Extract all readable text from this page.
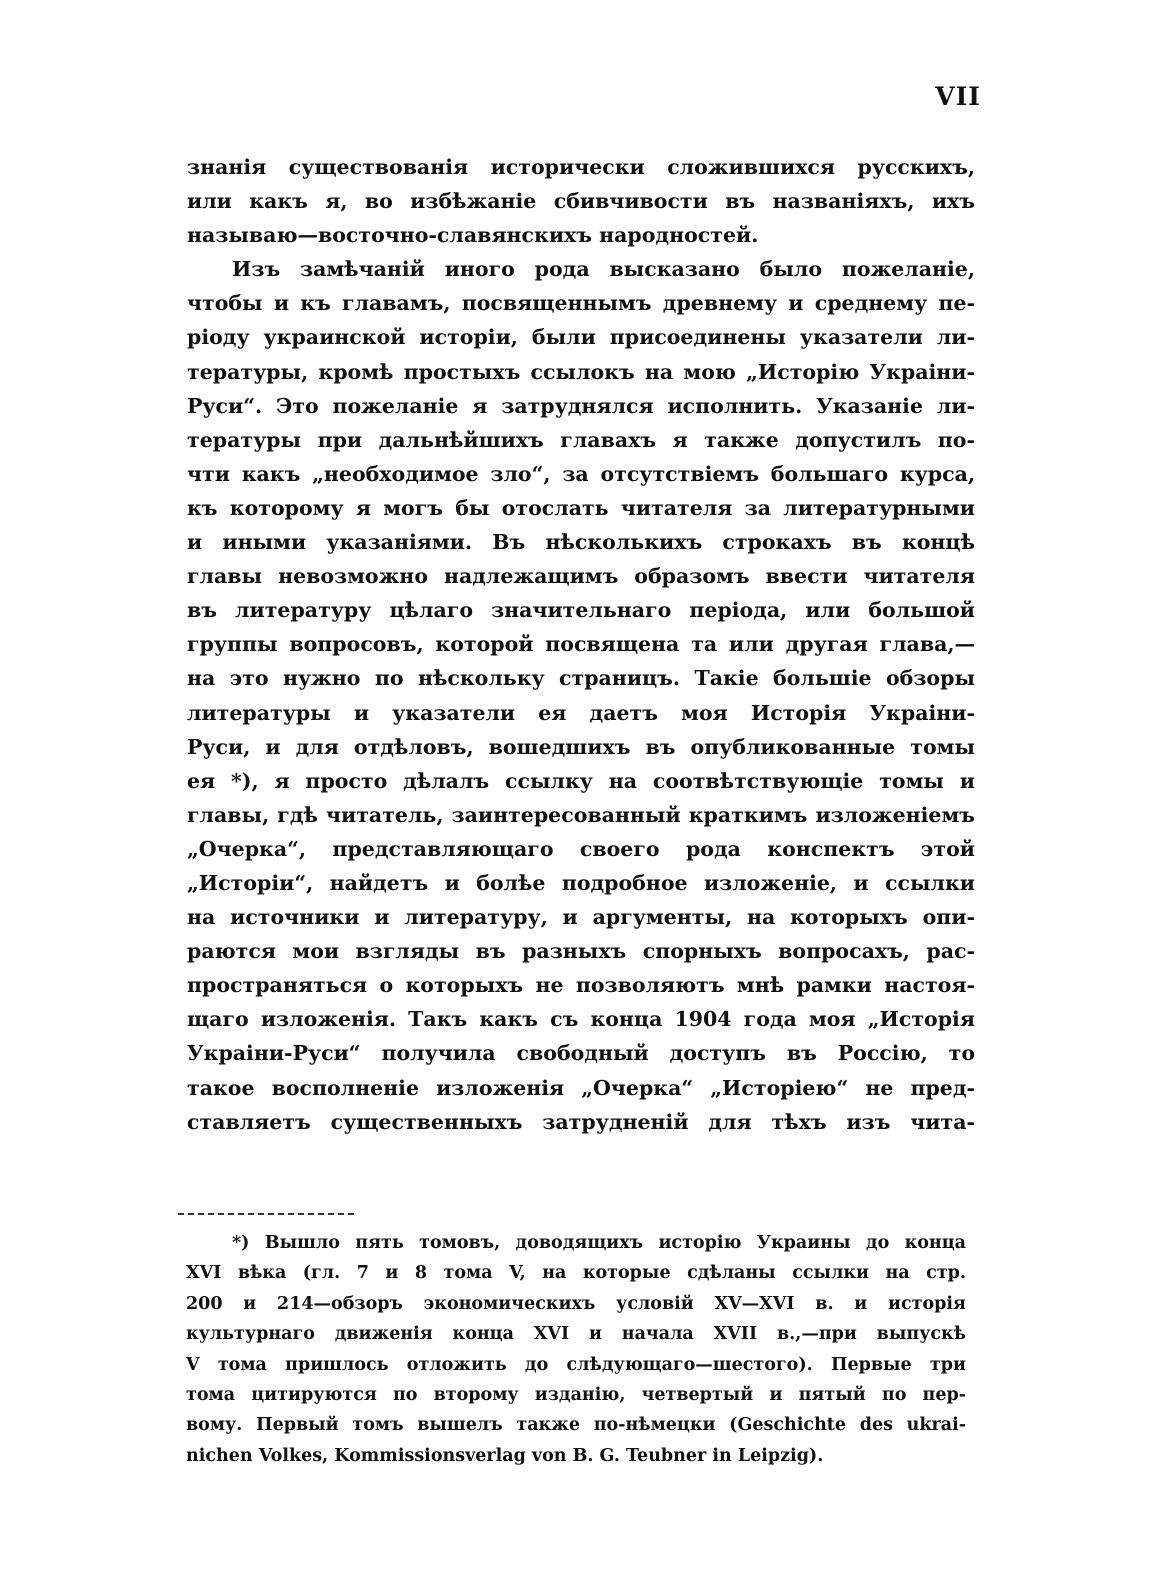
VII
знанія существованія исторически сложившихся русскихъ,
или какъ я, во избѣжаніе сбивчивости въ названіяхъ, ихъ
называю—восточно-славянскихъ народностей.
Изъ замѣчаній иного рода высказано было пожеланіе,
чтобы и къ главамъ, посвященнымъ древнему и среднему пе-
ріоду украинской исторіи, были присоединены указатели ли-
тературы, кромѣ простыхъ ссылокъ на мою „Исторію Украіни-
Руси“. Это пожеланіе я затруднялся исполнить. Указаніе ли-
тературы при дальнѣйшихъ главахъ я также допустилъ по-
чти какъ „необходимое зло“, за отсутствіемъ большаго курса,
къ которому я могъ бы отослать читателя за литературными
и иными указаніями. Въ нѣсколькихъ строкахъ въ концѣ
главы невозможно надлежащимъ образомъ ввести читателя
въ литературу цѣлаго значительнаго періода, или большой
группы вопросовъ, которой посвящена та или другая глава,—
на это нужно по нѣскольку страницъ. Такіе большіе обзоры
литературы и указатели ея даетъ моя Исторія Украіни-
Руси, и для отдѣловъ, вошедшихъ въ опубликованные томы
ея *), я просто дѣлалъ ссылку на соотвѣтствующіе томы и
главы, гдѣ читатель, заинтересованный краткимъ изложеніемъ
„Очерка“, представляющаго своего рода конспектъ этой
„Исторіи“, найдетъ и болѣе подробное изложеніе, и ссылки
на источники и литературу, и аргументы, на которыхъ опи-
раются мои взгляды въ разныхъ спорныхъ вопросахъ, рас-
пространяться о которыхъ не позволяютъ мнѣ рамки настоя-
щаго изложенія. Такъ какъ съ конца 1904 года моя „Исторія
Украіни-Руси“ получила свободный доступъ въ Россію, то
такое восполненіе изложенія „Очерка“ „Исторіею“ не пред-
ставляетъ существенныхъ затрудненій для тѣхъ изъ чита-
*) Вышло пять томовъ, доводящихъ исторію Украины до конца
XVI вѣка (гл. 7 и 8 тома V, на которые сдѣланы ссылки на стр.
200 и 214—обзоръ экономическихъ условій XV—XVI в. и исторія
культурнаго движенія конца XVI и начала XVII в.,—при выпускѣ
V тома пришлось отложить до слѣдующаго—шестого). Первые три
тома цитируются по второму изданію, четвертый и пятый по пер-
вому. Первый томъ вышелъ также по-нѣмецки (Geschichte des ukrai-
nichen Volkes, Kommissionsverlag von B. G. Teubner in Leipzig).
